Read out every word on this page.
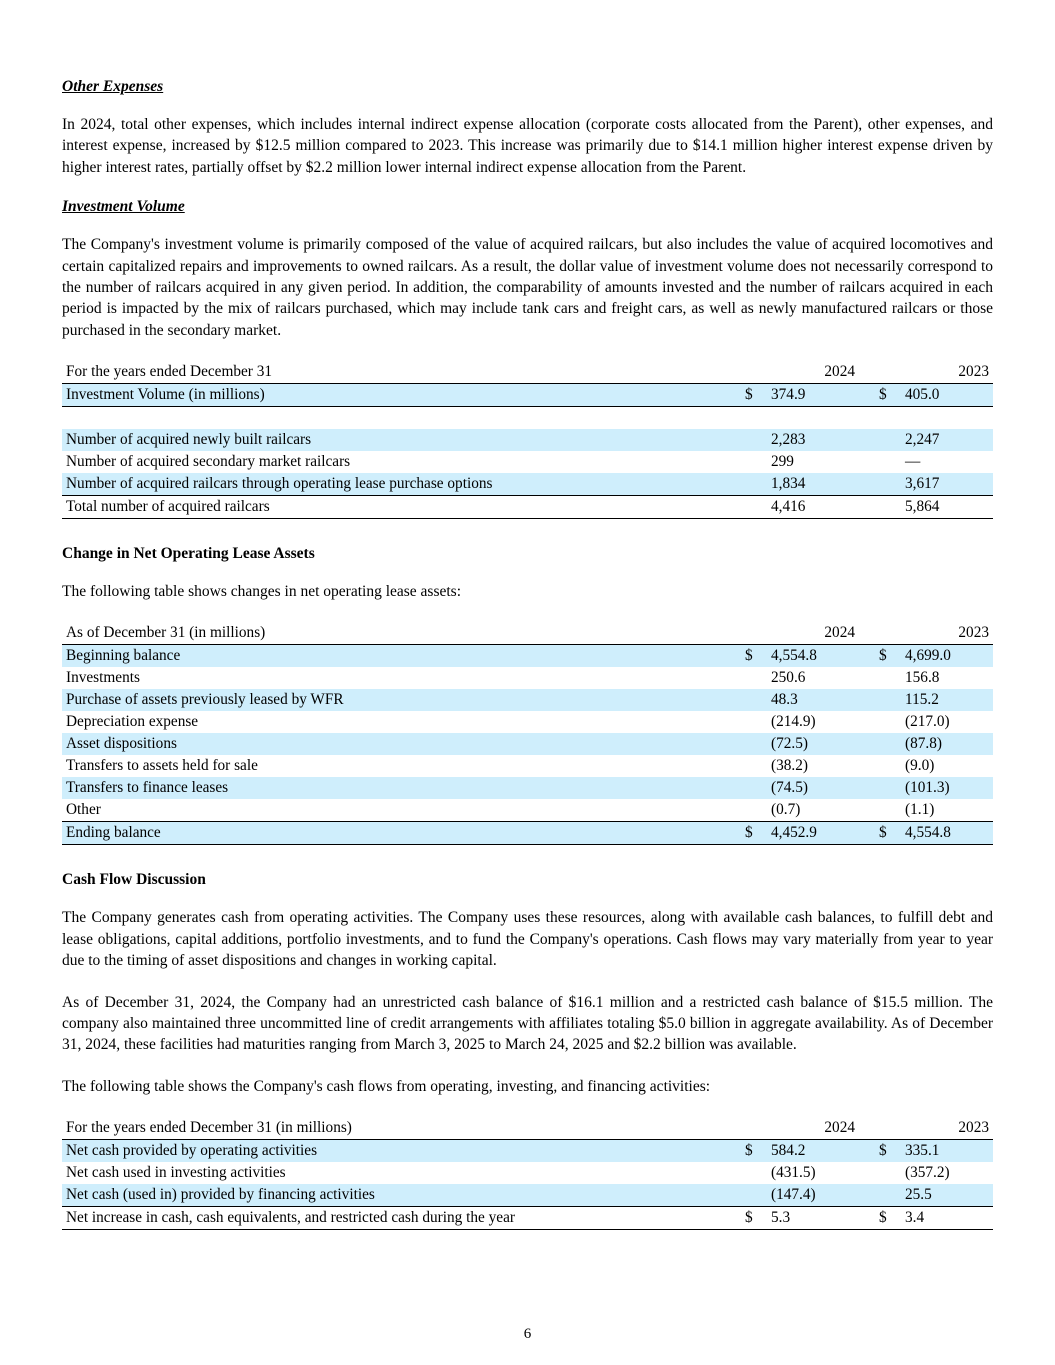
Other Expenses

In 2024, total other expenses, which includes internal indirect expense allocation (corporate costs allocated from the Parent), other expenses, and interest expense, increased by $12.5 million compared to 2023. This increase was primarily due to $14.1 million higher interest expense driven by higher interest rates, partially offset by $2.2 million lower internal indirect expense allocation from the Parent.

Investment Volume

The Company's investment volume is primarily composed of the value of acquired railcars, but also includes the value of acquired locomotives and certain capitalized repairs and improvements to owned railcars. As a result, the dollar value of investment volume does not necessarily correspond to the number of railcars acquired in any given period. In addition, the comparability of amounts invested and the number of railcars acquired in each period is impacted by the mix of railcars purchased, which may include tank cars and freight cars, as well as newly manufactured railcars or those purchased in the secondary market.

For the years ended December 31		2024			2023
Investment Volume (in millions)	$	374.9		$	405.0

Number of acquired newly built railcars		2,283			2,247
Number of acquired secondary market railcars		299			—
Number of acquired railcars through operating lease purchase options		1,834			3,617
Total number of acquired railcars		4,416			5,864
Change in Net Operating Lease Assets

The following table shows changes in net operating lease assets:

As of December 31 (in millions)		2024			2023
Beginning balance	$	4,554.8		$	4,699.0
Investments		250.6			156.8
Purchase of assets previously leased by WFR		48.3			115.2
Depreciation expense		(214.9)			(217.0)
Asset dispositions		(72.5)			(87.8)
Transfers to assets held for sale		(38.2)			(9.0)
Transfers to finance leases		(74.5)			(101.3)
Other		(0.7)			(1.1)
Ending balance	$	4,452.9		$	4,554.8
Cash Flow Discussion

The Company generates cash from operating activities. The Company uses these resources, along with available cash balances, to fulfill debt and lease obligations, capital additions, portfolio investments, and to fund the Company's operations. Cash flows may vary materially from year to year due to the timing of asset dispositions and changes in working capital.

As of December 31, 2024, the Company had an unrestricted cash balance of $16.1 million and a restricted cash balance of $15.5 million. The company also maintained three uncommitted line of credit arrangements with affiliates totaling $5.0 billion in aggregate availability. As of December 31, 2024, these facilities had maturities ranging from March 3, 2025 to March 24, 2025 and $2.2 billion was available.

The following table shows the Company's cash flows from operating, investing, and financing activities:

For the years ended December 31 (in millions)		2024			2023
Net cash provided by operating activities	$	584.2		$	335.1
Net cash used in investing activities		(431.5)			(357.2)
Net cash (used in) provided by financing activities		(147.4)			25.5
Net increase in cash, cash equivalents, and restricted cash during the year	$	5.3		$	3.4
6
